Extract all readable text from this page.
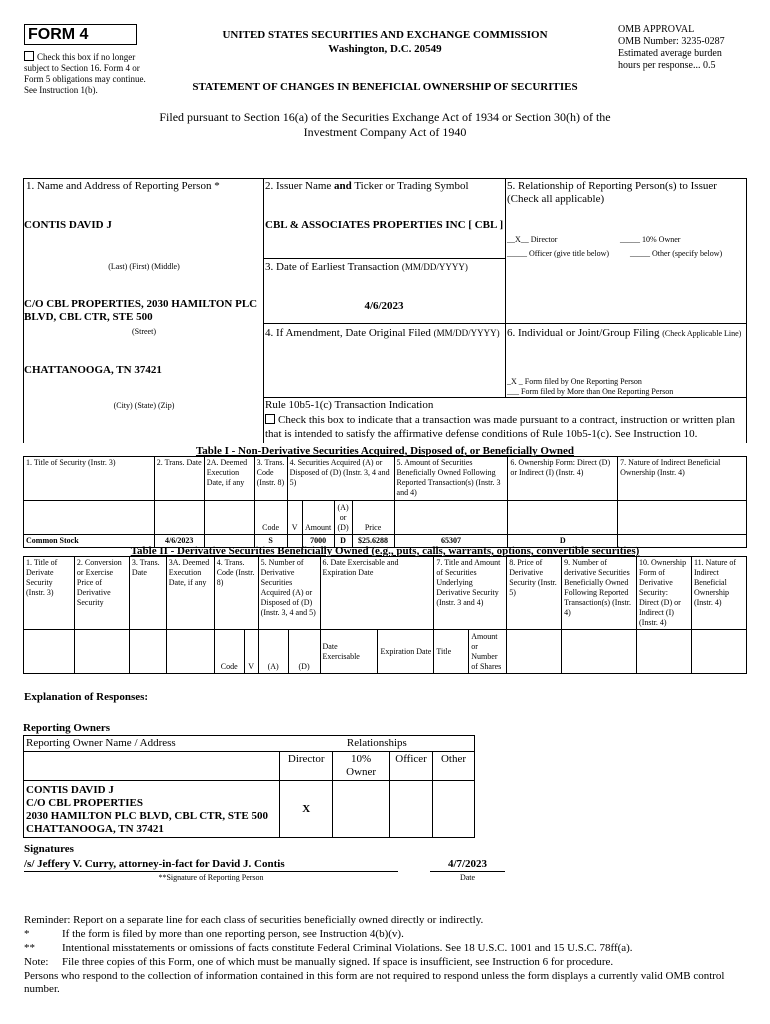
FORM 4
Check this box if no longer subject to Section 16. Form 4 or Form 5 obligations may continue. See Instruction 1(b).
UNITED STATES SECURITIES AND EXCHANGE COMMISSION
Washington, D.C. 20549
STATEMENT OF CHANGES IN BENEFICIAL OWNERSHIP OF SECURITIES
OMB APPROVAL
OMB Number: 3235-0287
Estimated average burden
hours per response... 0.5
Filed pursuant to Section 16(a) of the Securities Exchange Act of 1934 or Section 30(h) of the
Investment Company Act of 1940
1. Name and Address of Reporting Person *
CONTIS DAVID J
(Last) (First) (Middle)
C/O CBL PROPERTIES, 2030 HAMILTON PLC BLVD, CBL CTR, STE 500
(Street)
CHATTANOOGA, TN 37421
(City) (State) (Zip)
2. Issuer Name and Ticker or Trading Symbol
CBL & ASSOCIATES PROPERTIES INC [ CBL ]
3. Date of Earliest Transaction (MM/DD/YYYY)
4/6/2023
4. If Amendment, Date Original Filed (MM/DD/YYYY)
5. Relationship of Reporting Person(s) to Issuer (Check all applicable)
__X__ Director	_____ 10% Owner
_____ Officer (give title below)	_____ Other (specify below)
6. Individual or Joint/Group Filing (Check Applicable Line)
_X _ Form filed by One Reporting Person
___ Form filed by More than One Reporting Person
Rule 10b5-1(c) Transaction Indication
Check this box to indicate that a transaction was made pursuant to a contract, instruction or written plan that is intended to satisfy the affirmative defense conditions of Rule 10b5-1(c). See Instruction 10.
Table I - Non-Derivative Securities Acquired, Disposed of, or Beneficially Owned
1. Title of Security (Instr. 3)	2. Trans. Date	2A. Deemed Execution Date, if any	3. Trans. Code (Instr. 8)	4. Securities Acquired (A) or Disposed of (D) (Instr. 3, 4 and 5)				5. Amount of Securities Beneficially Owned Following Reported Transaction(s) (Instr. 3 and 4)	6. Ownership Form: Direct (D) or Indirect (I) (Instr. 4)	7. Nature of Indirect Beneficial Ownership (Instr. 4)
			Code	V	Amount	(A) or (D)	Price			
Common Stock	4/6/2023		S		7000	D	$25.6288	65307	D	
Table II - Derivative Securities Beneficially Owned (e.g., puts, calls, warrants, options, convertible securities)
1. Title of Derivate Security (Instr. 3)	2. Conversion or Exercise Price of Derivative Security	3. Trans. Date	3A. Deemed Execution Date, if any	4. Trans. Code (Instr. 8)		5. Number of Derivative Securities Acquired (A) or Disposed of (D) (Instr. 3, 4 and 5)		6. Date Exercisable and Expiration Date		7. Title and Amount of Securities Underlying Derivative Security (Instr. 3 and 4)		8. Price of Derivative Security (Instr. 5)	9. Number of derivative Securities Beneficially Owned Following Reported Transaction(s) (Instr. 4)	10. Ownership Form of Derivative Security: Direct (D) or Indirect (I) (Instr. 4)	11. Nature of Indirect Beneficial Ownership (Instr. 4)
				Code	V	(A)	(D)	Date Exercisable	Expiration Date	Title	Amount or Number of Shares				
Explanation of Responses:
Reporting Owners
Reporting Owner Name / Address	Relationships			
	Director	10% Owner	Officer	Other

CONTIS DAVID J
C/O CBL PROPERTIES
2030 HAMILTON PLC BLVD, CBL CTR, STE 500
CHATTANOOGA, TN 37421	X			
Signatures
/s/ Jeffery V. Curry, attorney-in-fact for David J. Contis
**Signature of Reporting Person
4/7/2023
Date
Reminder: Report on a separate line for each class of securities beneficially owned directly or indirectly.
*	If the form is filed by more than one reporting person, see Instruction 4(b)(v).
** Intentional misstatements or omissions of facts constitute Federal Criminal Violations. See 18 U.S.C. 1001 and 15 U.S.C. 78ff(a).
Note: File three copies of this Form, one of which must be manually signed. If space is insufficient, see Instruction 6 for procedure.
Persons who respond to the collection of information contained in this form are not required to respond unless the form displays a currently valid OMB control number.
